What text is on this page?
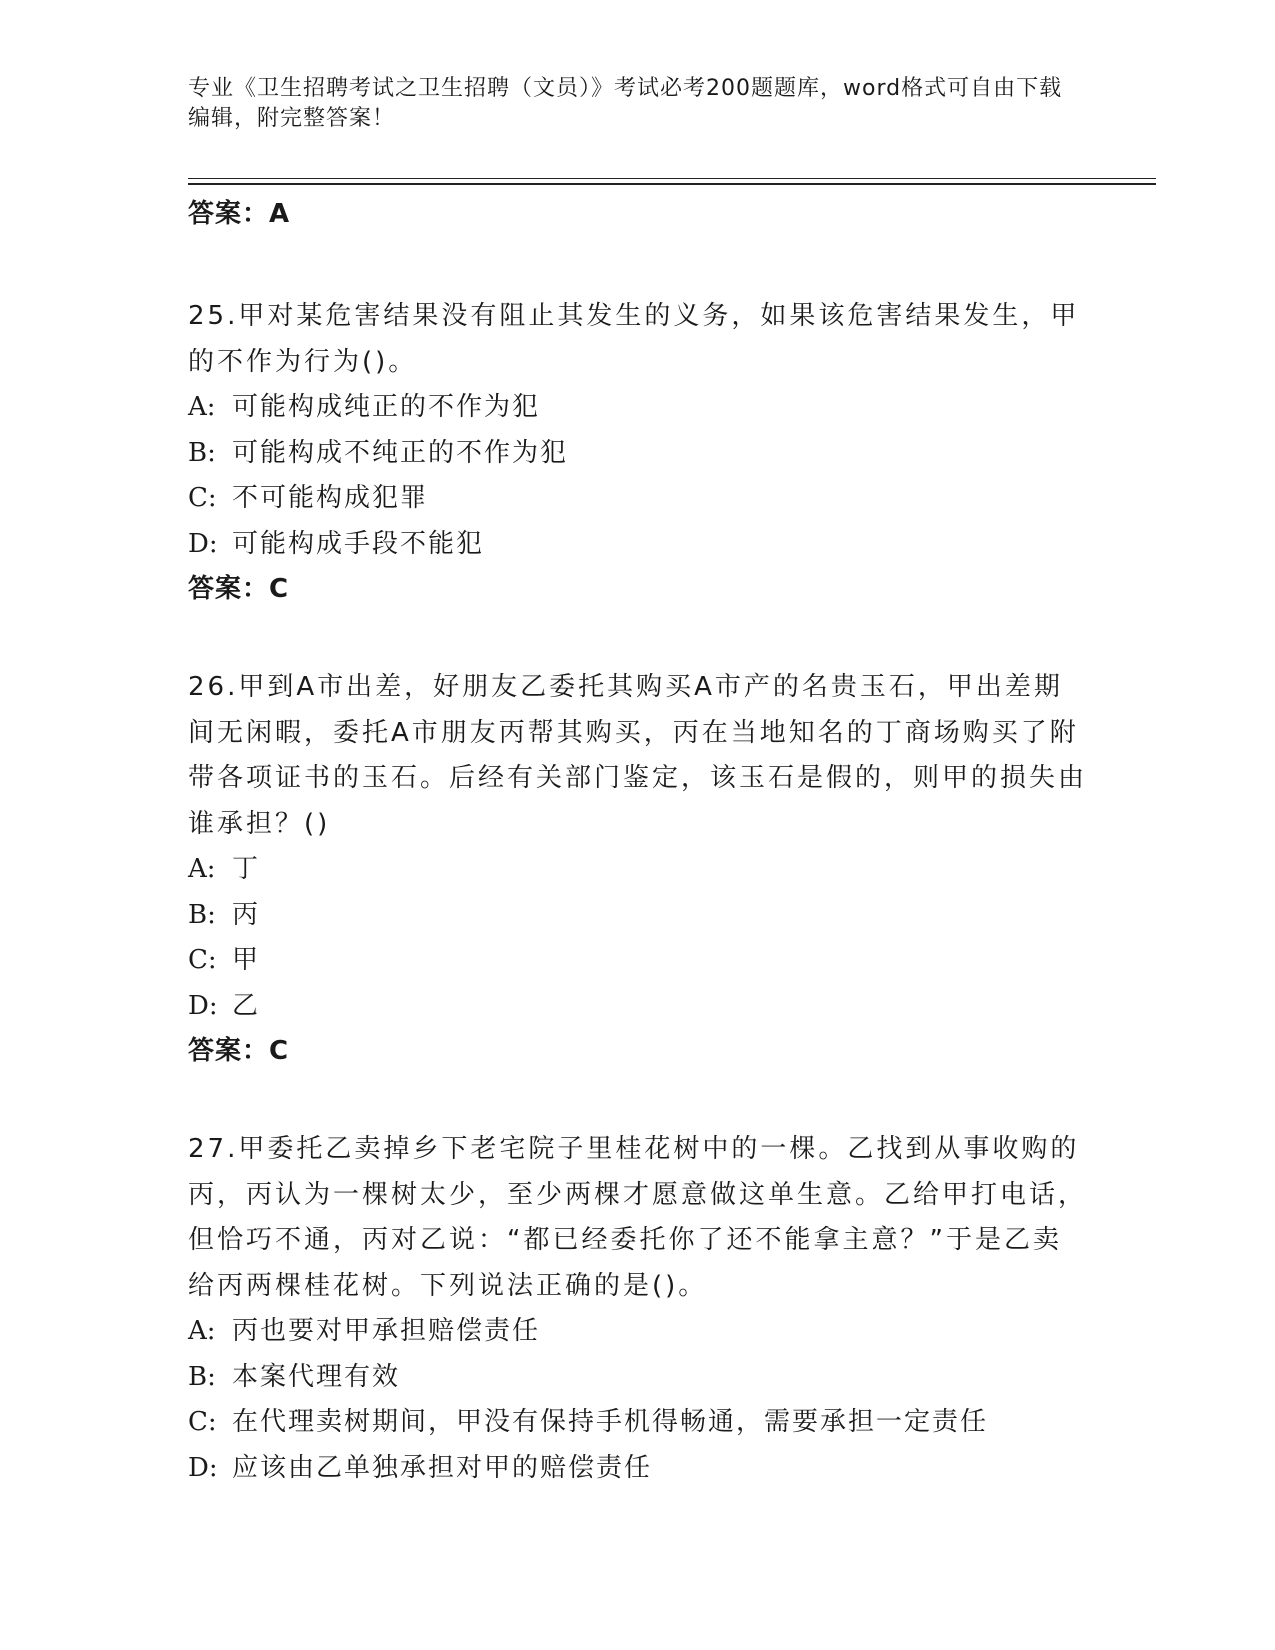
专业《卫生招聘考试之卫生招聘（文员）》考试必考200题题库，word格式可自由下载编辑，附完整答案！
答案：A
25.甲对某危害结果没有阻止其发生的义务，如果该危害结果发生，甲的不作为行为()。
A: 可能构成纯正的不作为犯
B: 可能构成不纯正的不作为犯
C: 不可能构成犯罪
D: 可能构成手段不能犯
答案：C
26.甲到A市出差，好朋友乙委托其购买A市产的名贵玉石，甲出差期间无闲暇，委托A市朋友丙帮其购买，丙在当地知名的丁商场购买了附带各项证书的玉石。后经有关部门鉴定，该玉石是假的，则甲的损失由谁承担？()
A: 丁
B: 丙
C: 甲
D: 乙
答案：C
27.甲委托乙卖掉乡下老宅院子里桂花树中的一棵。乙找到从事收购的丙，丙认为一棵树太少，至少两棵才愿意做这单生意。乙给甲打电话，但恰巧不通，丙对乙说：“都已经委托你了还不能拿主意？”于是乙卖给丙两棵桂花树。下列说法正确的是()。
A: 丙也要对甲承担赔偿责任
B: 本案代理有效
C: 在代理卖树期间，甲没有保持手机得畅通，需要承担一定责任
D: 应该由乙单独承担对甲的赔偿责任
